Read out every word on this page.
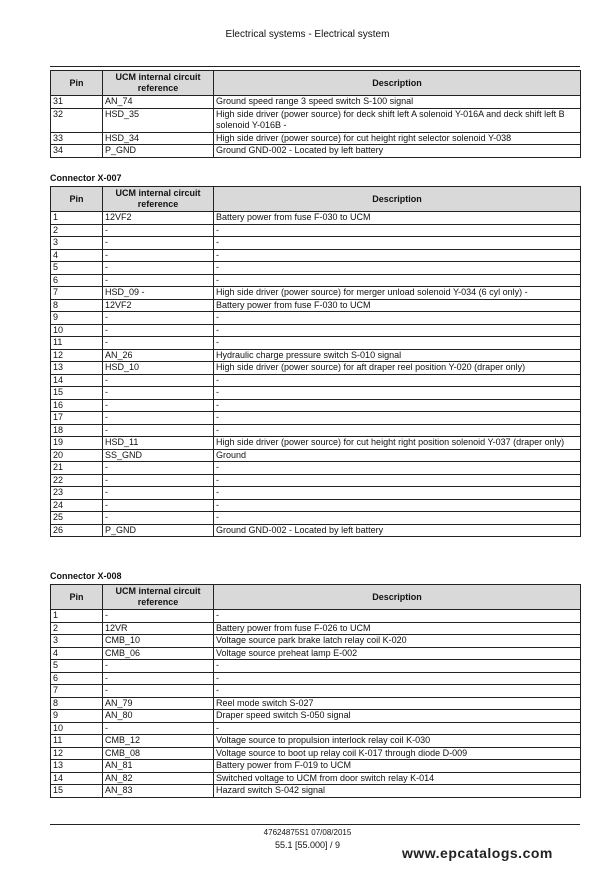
Electrical systems - Electrical system
Pin	UCM internal circuit reference	Description
31	AN_74	Ground speed range 3 speed switch S-100 signal
32	HSD_35	High side driver (power source) for deck shift left A solenoid Y-016A and deck shift left B solenoid Y-016B -
33	HSD_34	High side driver (power source) for cut height right selector solenoid Y-038
34	P_GND	Ground GND-002 - Located by left battery
Connector X-007
Pin	UCM internal circuit reference	Description
1	12VF2	Battery power from fuse F-030 to UCM
2	-	-
3	-	-
4	-	-
5	-	-
6	-	-
7	HSD_09 -	High side driver (power source) for merger unload solenoid Y-034 (6 cyl only) -
8	12VF2	Battery power from fuse F-030 to UCM
9	-	-
10	-	-
11	-	-
12	AN_26	Hydraulic charge pressure switch S-010 signal
13	HSD_10	High side driver (power source) for aft draper reel position Y-020 (draper only)
14	-	-
15	-	-
16	-	-
17	-	-
18	-	-
19	HSD_11	High side driver (power source) for cut height right position solenoid Y-037 (draper only)
20	SS_GND	Ground
21	-	-
22	-	-
23	-	-
24	-	-
25	-	-
26	P_GND	Ground GND-002 - Located by left battery
Connector X-008
Pin	UCM internal circuit reference	Description
1	-	-
2	12VR	Battery power from fuse F-026 to UCM
3	CMB_10	Voltage source park brake latch relay coil K-020
4	CMB_06	Voltage source preheat lamp E-002
5	-	-
6	-	-
7	-	-
8	AN_79	Reel mode switch S-027
9	AN_80	Draper speed switch S-050 signal
10	-	-
11	CMB_12	Voltage source to propulsion interlock relay coil K-030
12	CMB_08	Voltage source to boot up relay coil K-017 through diode D-009
13	AN_81	Battery power from F-019 to UCM
14	AN_82	Switched voltage to UCM from door switch relay K-014
15	AN_83	Hazard switch S-042 signal
47624875S1 07/08/2015
55.1 [55.000] / 9	www.epcatalogs.com
